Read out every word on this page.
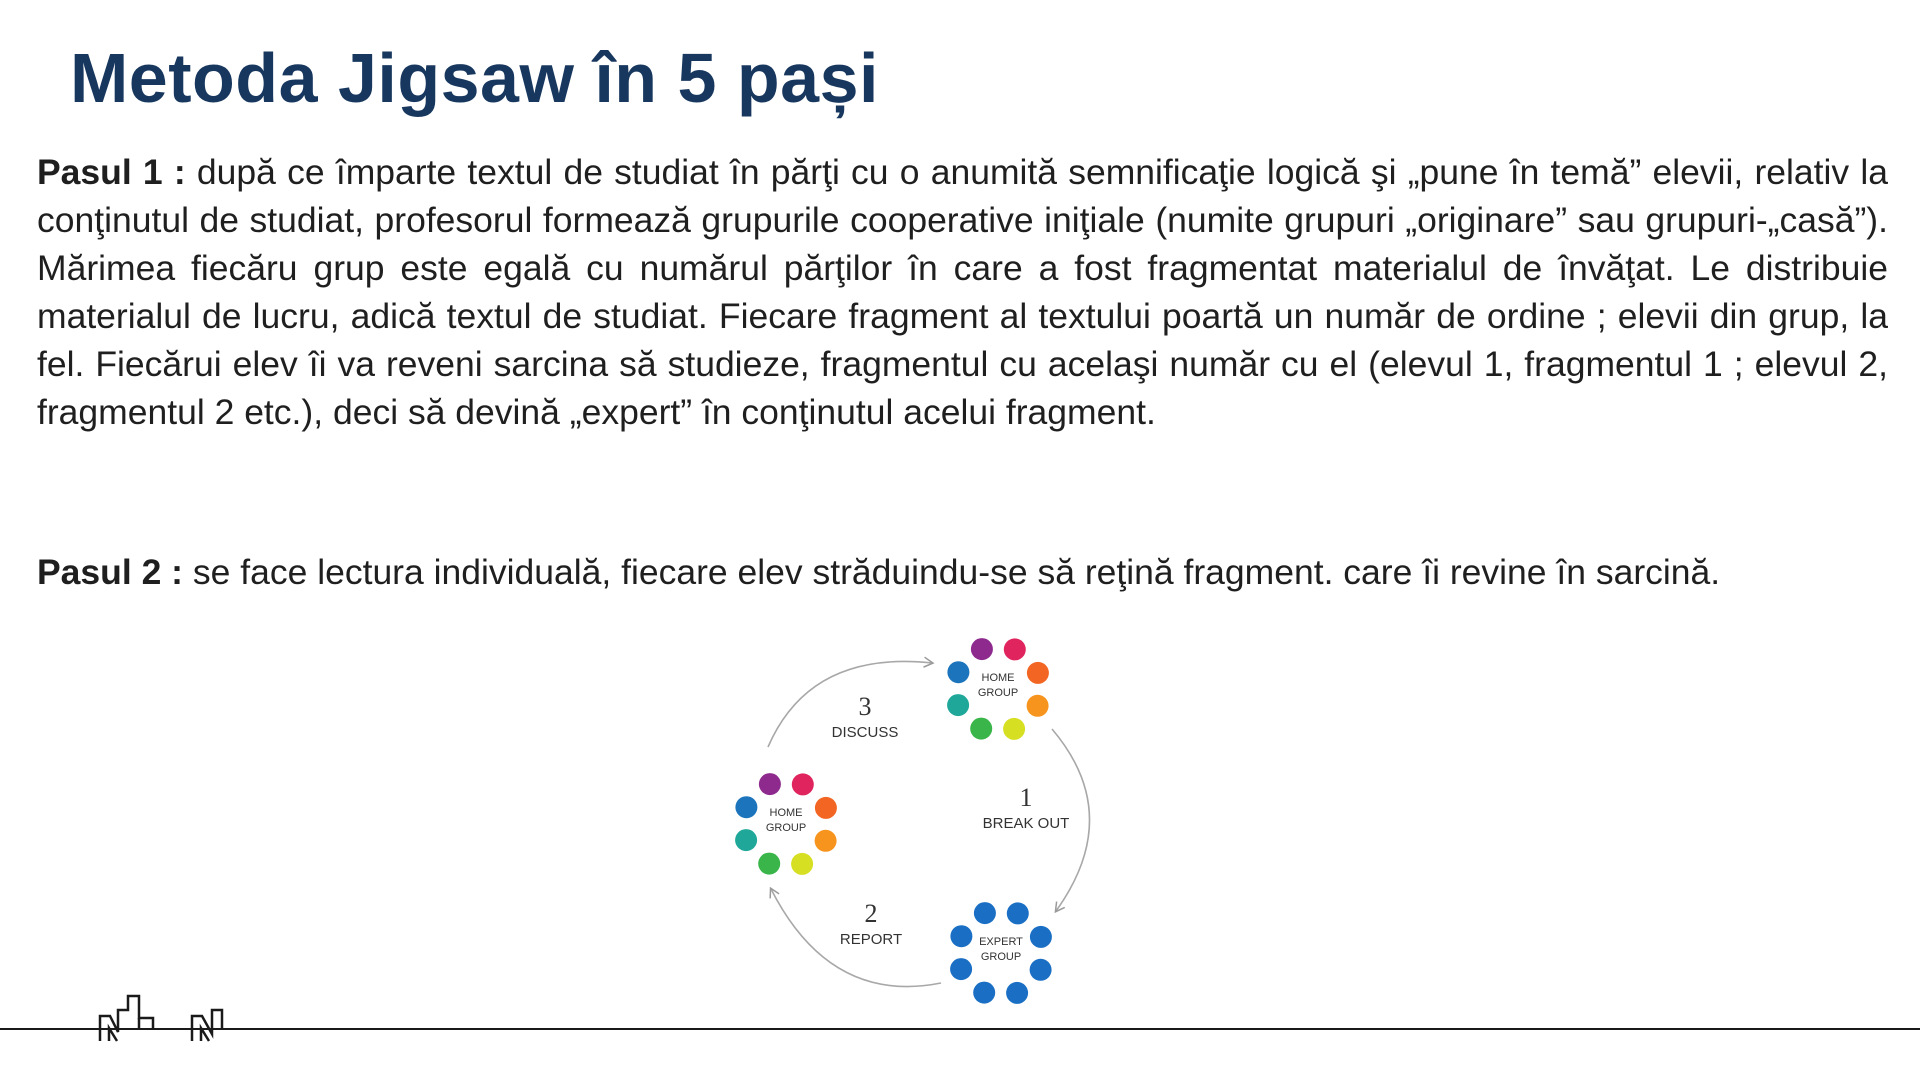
Metoda Jigsaw în 5 pași

Pasul 1 : după ce împarte textul de studiat în părţi cu o anumită semnificaţie logică şi „pune în temă” elevii, relativ la conţinutul de studiat, profesorul formează grupurile cooperative iniţiale (numite grupuri „originare” sau grupuri-„casă”). Mărimea fiecăru grup este egală cu numărul părţilor în care a fost fragmentat materialul de învăţat. Le distribuie materialul de lucru, adică textul de studiat. Fiecare fragment al textului poartă un număr de ordine ; elevii din grup, la fel. Fiecărui elev îi va reveni sarcina să studieze, fragmentul cu acelaşi număr cu el (elevul 1, fragmentul 1 ; elevul 2, fragmentul 2 etc.), deci să devină „expert” în conţinutul acelui fragment.

Pasul 2 : se face lectura individuală, fiecare elev străduindu-se să reţină fragment. care îi revine în sarcină.

HOME
GROUP
HOME
GROUP
EXPERT
GROUP
3
DISCUSS
1
BREAK OUT
2
REPORT
